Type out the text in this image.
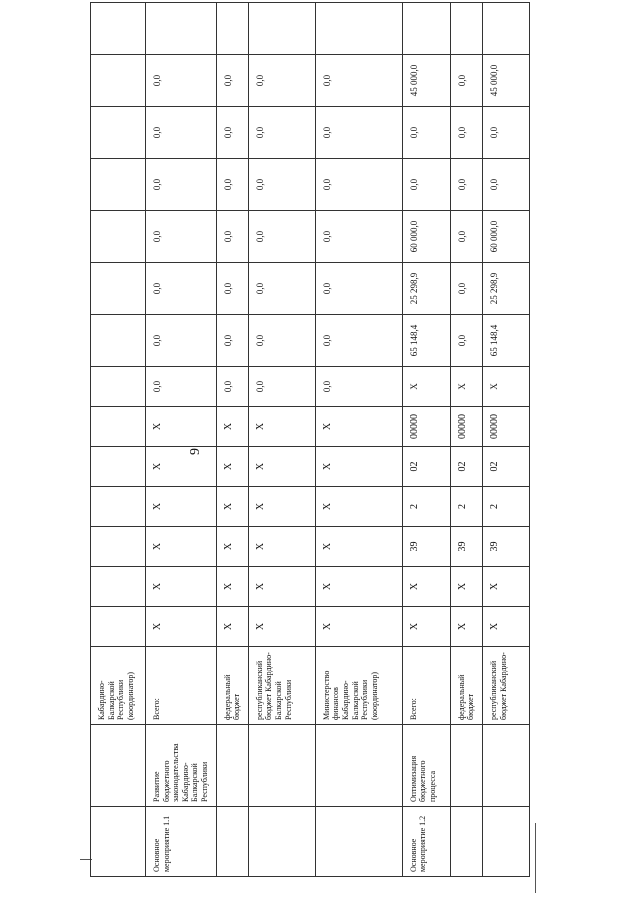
9
		Кабардино-Балкарской Республики (координатор)														
Основное мероприятие 1.1	Развитие бюджетного законодательства Кабардино-Балкарской Республики	Всего:	X	X	X	X	X	X	0,0	0,0	0,0	0,0	0,0	0,0	0,0	
		федеральный бюджет	X	X	X	X	X	X	0,0	0,0	0,0	0,0	0,0	0,0	0,0	
		республиканский бюджет Кабардино-Балкарской Республики	X	X	X	X	X	X	0,0	0,0	0,0	0,0	0,0	0,0	0,0	
		Министерство финансов Кабардино-Балкарской Республики (координатор)	X	X	X	X	X	X	0,0	0,0	0,0	0,0	0,0	0,0	0,0	
Основное мероприятие 1.2	Оптимизация бюджетного процесса	Всего:	X	X	39	2	02	00000	X	65 148,4	25 298,9	60 000,0	0,0	0,0	45 000,0	
		федеральный бюджет	X	X	39	2	02	00000	X	0,0	0,0	0,0	0,0	0,0	0,0	
		республиканский бюджет Кабардино-	X	X	39	2	02	00000	X	65 148,4	25 298,9	60 000,0	0,0	0,0	45 000,0	
